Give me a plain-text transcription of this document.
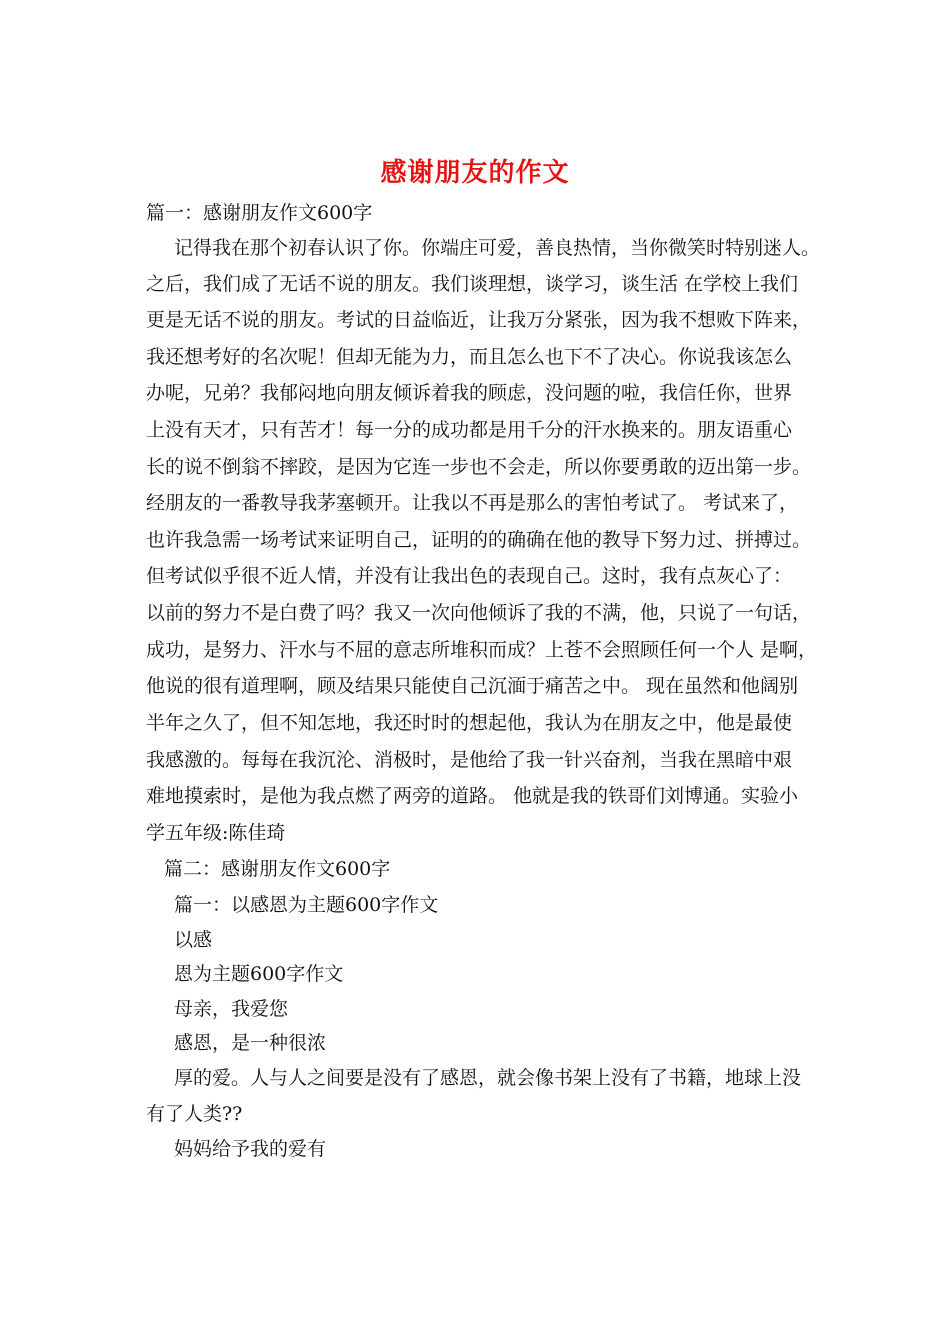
感谢朋友的作文

篇一：感谢朋友作文600字

记得我在那个初春认识了你。你端庄可爱，善良热情，当你微笑时特别迷人。

之后，我们成了无话不说的朋友。我们谈理想，谈学习，谈生活 在学校上我们

更是无话不说的朋友。考试的日益临近，让我万分紧张，因为我不想败下阵来，

我还想考好的名次呢！但却无能为力，而且怎么也下不了决心。你说我该怎么

办呢，兄弟？我郁闷地向朋友倾诉着我的顾虑，没问题的啦，我信任你，世界

上没有天才，只有苦才！每一分的成功都是用千分的汗水换来的。朋友语重心

长的说不倒翁不摔跤，是因为它连一步也不会走，所以你要勇敢的迈出第一步。

经朋友的一番教导我茅塞顿开。让我以不再是那么的害怕考试了。 考试来了，

也许我急需一场考试来证明自己，证明的的确确在他的教导下努力过、拼搏过。

但考试似乎很不近人情，并没有让我出色的表现自己。这时，我有点灰心了：

以前的努力不是白费了吗？我又一次向他倾诉了我的不满，他，只说了一句话，

成功，是努力、汗水与不屈的意志所堆积而成？上苍不会照顾任何一个人 是啊，

他说的很有道理啊，顾及结果只能使自己沉湎于痛苦之中。 现在虽然和他阔别

半年之久了，但不知怎地，我还时时的想起他，我认为在朋友之中，他是最使

我感激的。每每在我沉沦、消极时，是他给了我一针兴奋剂，当我在黑暗中艰

难地摸索时，是他为我点燃了两旁的道路。 他就是我的铁哥们刘博通。实验小

学五年级:陈佳琦

篇二：感谢朋友作文600字

篇一：以感恩为主题600字作文

以感

恩为主题600字作文

母亲，我爱您

感恩，是一种很浓

厚的爱。人与人之间要是没有了感恩，就会像书架上没有了书籍，地球上没

有了人类??

妈妈给予我的爱有
